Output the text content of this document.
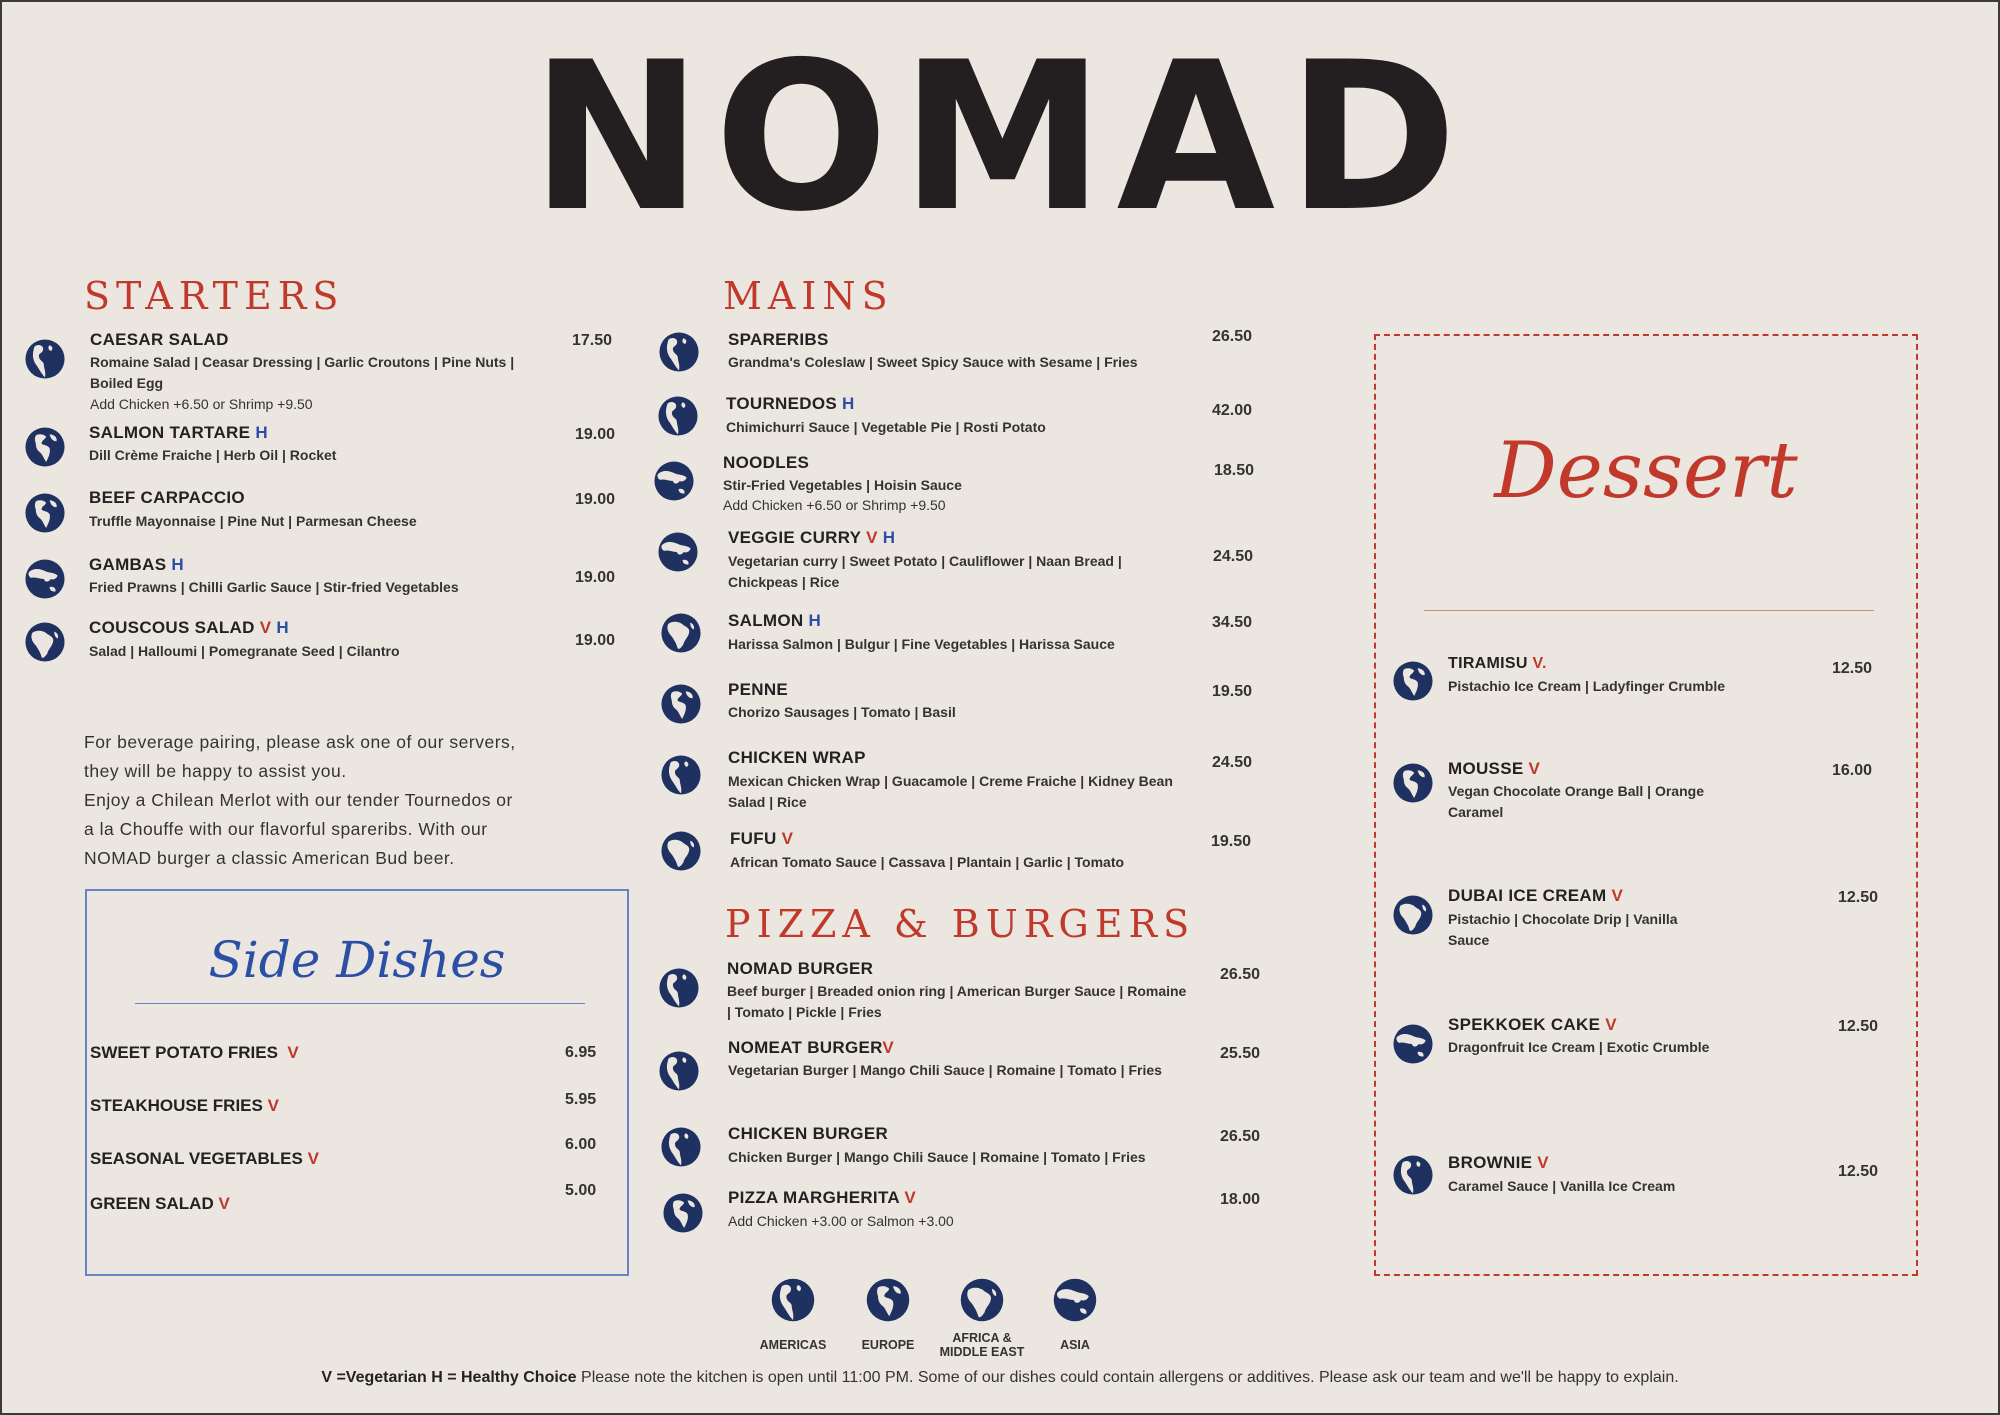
NOMAD
STARTERS
CAESAR SALAD
Romaine Salad | Ceasar Dressing | Garlic Croutons | Pine Nuts | Boiled Egg
Add Chicken +6.50 or Shrimp +9.50
17.50
SALMON TARTARE H
Dill Crème Fraiche | Herb Oil | Rocket
19.00
BEEF CARPACCIO
Truffle Mayonnaise | Pine Nut | Parmesan Cheese
19.00
GAMBAS H
Fried Prawns | Chilli Garlic Sauce | Stir-fried Vegetables
19.00
COUSCOUS SALAD V H
Salad | Halloumi | Pomegranate Seed | Cilantro
19.00
For beverage pairing, please ask one of our servers,
they will be happy to assist you.
Enjoy a Chilean Merlot with our tender Tournedos or
a la Chouffe with our flavorful spareribs. With our
NOMAD burger a classic American Bud beer.
Side Dishes
SWEET POTATO FRIES V	6.95
STEAKHOUSE FRIES V	5.95
SEASONAL VEGETABLES V
6.00
GREEN SALAD V
5.00
MAINS
SPARERIBS
Grandma's Coleslaw | Sweet Spicy Sauce with Sesame | Fries
26.50
TOURNEDOS H
Chimichurri Sauce | Vegetable Pie | Rosti Potato
42.00
NOODLES
Stir-Fried Vegetables | Hoisin Sauce
Add Chicken +6.50 or Shrimp +9.50
18.50
VEGGIE CURRY V H
Vegetarian curry | Sweet Potato | Cauliflower | Naan Bread | Chickpeas | Rice
24.50
SALMON H
Harissa Salmon | Bulgur | Fine Vegetables | Harissa Sauce
34.50
PENNE
Chorizo Sausages | Tomato | Basil
19.50
CHICKEN WRAP
Mexican Chicken Wrap | Guacamole | Creme Fraiche | Kidney Bean Salad | Rice
24.50
FUFU V
African Tomato Sauce | Cassava | Plantain | Garlic | Tomato
19.50
PIZZA & BURGERS
NOMAD BURGER
Beef burger | Breaded onion ring | American Burger Sauce | Romaine | Tomato | Pickle | Fries
26.50
NOMEAT BURGERV
Vegetarian Burger | Mango Chili Sauce | Romaine | Tomato | Fries
25.50
CHICKEN BURGER
Chicken Burger | Mango Chili Sauce | Romaine | Tomato | Fries
26.50
PIZZA MARGHERITA V
Add Chicken +3.00 or Salmon +3.00
18.00
Dessert
TIRAMISU V.
Pistachio Ice Cream | Ladyfinger Crumble
12.50
MOUSSE V
Vegan Chocolate Orange Ball | Orange Caramel
16.00
DUBAI ICE CREAM V
Pistachio | Chocolate Drip | Vanilla Sauce
12.50
SPEKKOEK CAKE V
Dragonfruit Ice Cream | Exotic Crumble
12.50
BROWNIE V
Caramel Sauce | Vanilla Ice Cream
12.50
AMERICAS	EUROPE	AFRICA & MIDDLE EAST	ASIA
V =Vegetarian H = Healthy Choice Please note the kitchen is open until 11:00 PM. Some of our dishes could contain allergens or additives. Please ask our team and we'll be happy to explain.
